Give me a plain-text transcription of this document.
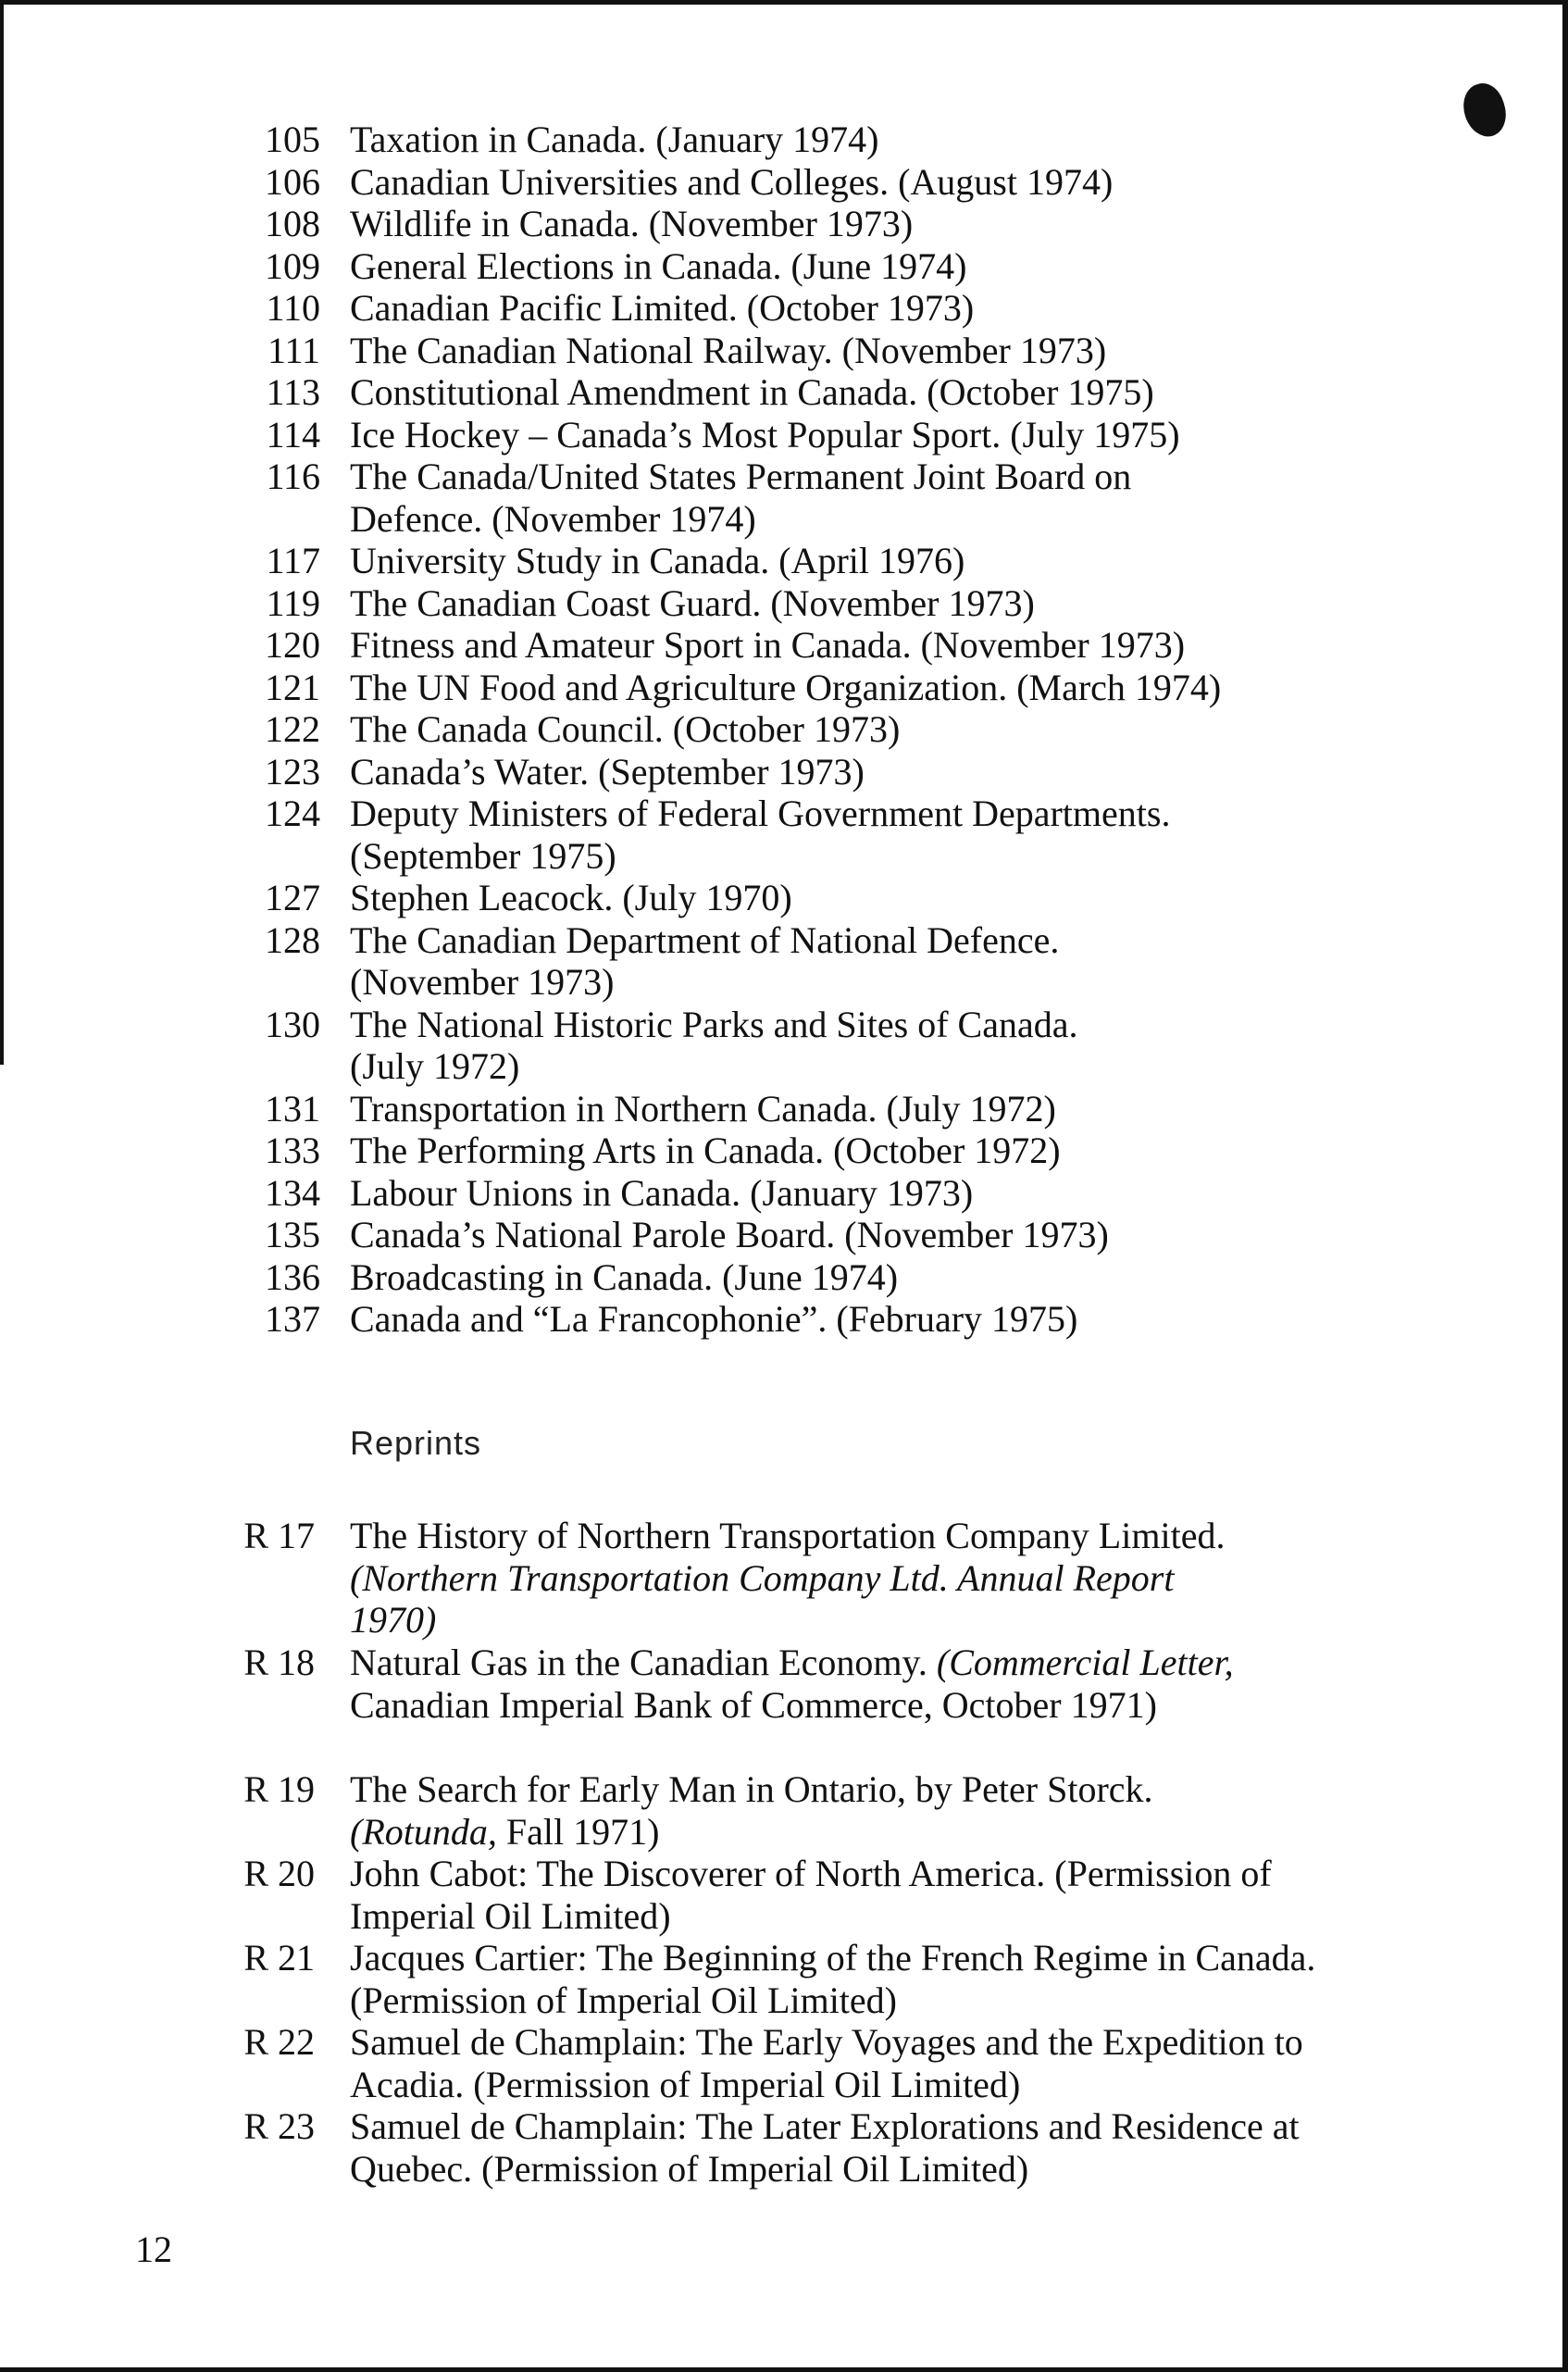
105 Taxation in Canada. (January 1974)
106 Canadian Universities and Colleges. (August 1974)
108 Wildlife in Canada. (November 1973)
109 General Elections in Canada. (June 1974)
110 Canadian Pacific Limited. (October 1973)
111 The Canadian National Railway. (November 1973)
113 Constitutional Amendment in Canada. (October 1975)
114 Ice Hockey – Canada’s Most Popular Sport. (July 1975)
116 The Canada/United States Permanent Joint Board on
Defence. (November 1974)
117 University Study in Canada. (April 1976)
119 The Canadian Coast Guard. (November 1973)
120 Fitness and Amateur Sport in Canada. (November 1973)
121 The UN Food and Agriculture Organization. (March 1974)
122 The Canada Council. (October 1973)
123 Canada’s Water. (September 1973)
124 Deputy Ministers of Federal Government Departments.
(September 1975)
127 Stephen Leacock. (July 1970)
128 The Canadian Department of National Defence.
(November 1973)
130 The National Historic Parks and Sites of Canada.
(July 1972)
131 Transportation in Northern Canada. (July 1972)
133 The Performing Arts in Canada. (October 1972)
134 Labour Unions in Canada. (January 1973)
135 Canada’s National Parole Board. (November 1973)
136 Broadcasting in Canada. (June 1974)
137 Canada and “La Francophonie”. (February 1975)
Reprints
R 17 The History of Northern Transportation Company Limited. (Northern Transportation Company Ltd. Annual Report 1970)
R 18 Natural Gas in the Canadian Economy. (Commercial Letter, Canadian Imperial Bank of Commerce, October 1971)
R 19 The Search for Early Man in Ontario, by Peter Storck. (Rotunda, Fall 1971)
R 20 John Cabot: The Discoverer of North America. (Permission of Imperial Oil Limited)
R 21 Jacques Cartier: The Beginning of the French Regime in Canada. (Permission of Imperial Oil Limited)
R 22 Samuel de Champlain: The Early Voyages and the Expedition to Acadia. (Permission of Imperial Oil Limited)
R 23 Samuel de Champlain: The Later Explorations and Residence at Quebec. (Permission of Imperial Oil Limited)
12
